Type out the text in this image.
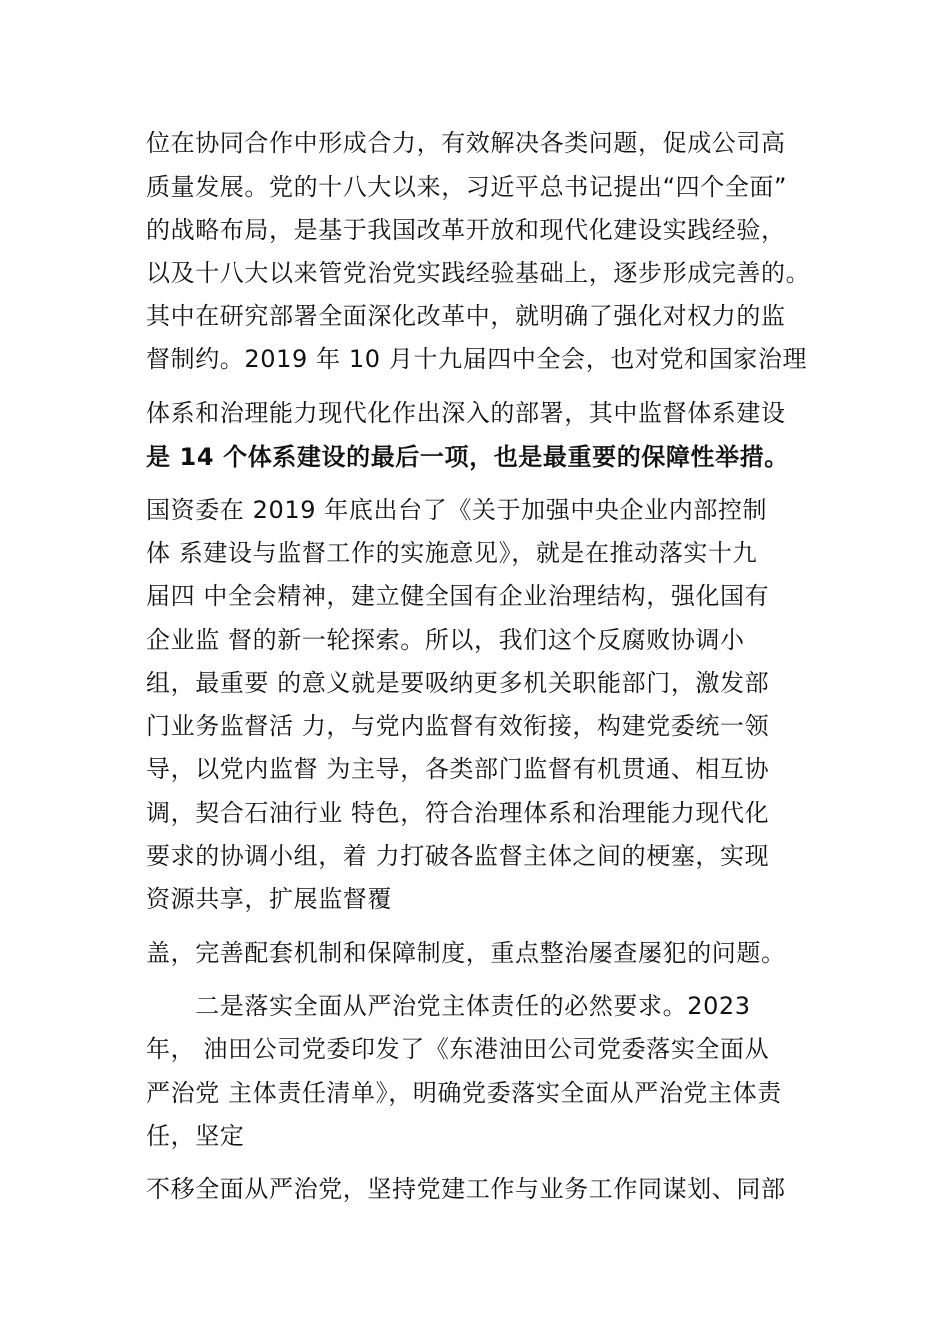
位在协同合作中形成合力，有效解决各类问题，促成公司高
质量发展。党的十八大以来，习近平总书记提出“四个全面”
的战略布局，是基于我国改革开放和现代化建设实践经验，
以及十八大以来管党治党实践经验基础上，逐步形成完善的。
其中在研究部署全面深化改革中，就明确了强化对权力的监
督制约。2019 年 10 月十九届四中全会，也对党和国家治理
体系和治理能力现代化作出深入的部署，其中监督体系建设
是 14 个体系建设的最后一项，也是最重要的保障性举措。
国资委在 2019 年底出台了《关于加强中央企业内部控制
体 系建设与监督工作的实施意见》，就是在推动落实十九
届四 中全会精神，建立健全国有企业治理结构，强化国有
企业监 督的新一轮探索。所以，我们这个反腐败协调小
组，最重要 的意义就是要吸纳更多机关职能部门，激发部
门业务监督活 力，与党内监督有效衔接，构建党委统一领
导，以党内监督 为主导，各类部门监督有机贯通、相互协
调，契合石油行业 特色，符合治理体系和治理能力现代化
要求的协调小组，着 力打破各监督主体之间的梗塞，实现
资源共享，扩展监督覆
盖，完善配套机制和保障制度，重点整治屡查屡犯的问题。
　　二是落实全面从严治党主体责任的必然要求。2023
年， 油田公司党委印发了《东港油田公司党委落实全面从
严治党 主体责任清单》，明确党委落实全面从严治党主体责
任，坚定
不移全面从严治党，坚持党建工作与业务工作同谋划、同部
